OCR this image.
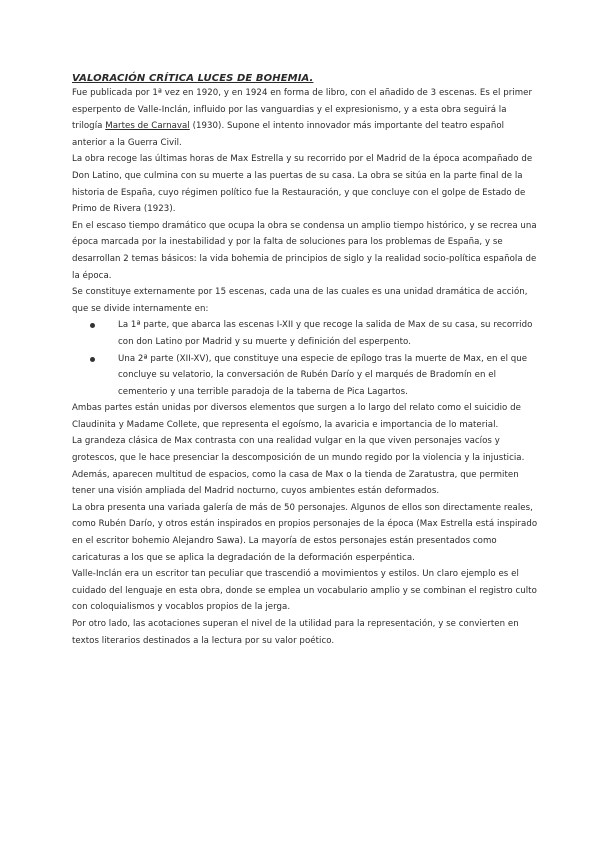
VALORACIÓN CRÍTICA LUCES DE BOHEMIA.

Fue publicada por 1ª vez en 1920, y en 1924 en forma de libro, con el añadido de 3 escenas. Es el primer esperpento de Valle-Inclán, influido por las vanguardias y el expresionismo, y a esta obra seguirá la trilogía Martes de Carnaval (1930). Supone el intento innovador más importante del teatro español anterior a la Guerra Civil.

La obra recoge las últimas horas de Max Estrella y su recorrido por el Madrid de la época acompañado de Don Latino, que culmina con su muerte a las puertas de su casa. La obra se sitúa en la parte final de la historia de España, cuyo régimen político fue la Restauración, y que concluye con el golpe de Estado de Primo de Rivera (1923).

En el escaso tiempo dramático que ocupa la obra se condensa un amplio tiempo histórico, y se recrea una época marcada por la inestabilidad y por la falta de soluciones para los problemas de España, y se desarrollan 2 temas básicos: la vida bohemia de principios de siglo y la realidad socio-política española de la época.

Se constituye externamente por 15 escenas, cada una de las cuales es una unidad dramática de acción, que se divide internamente en:

La 1ª parte, que abarca las escenas I-XII y que recoge la salida de Max de su casa, su recorrido con don Latino por Madrid y su muerte y definición del esperpento.
Una 2ª parte (XII-XV), que constituye una especie de epílogo tras la muerte de Max, en el que concluye su velatorio, la conversación de Rubén Darío y el marqués de Bradomín en el cementerio y una terrible paradoja de la taberna de Pica Lagartos.

Ambas partes están unidas por diversos elementos que surgen a lo largo del relato como el suicidio de Claudinita y Madame Collete, que representa el egoísmo, la avaricia e importancia de lo material.

La grandeza clásica de Max contrasta con una realidad vulgar en la que viven personajes vacíos y grotescos, que le hace presenciar la descomposición de un mundo regido por la violencia y la injusticia.

Además, aparecen multitud de espacios, como la casa de Max o la tienda de Zaratustra, que permiten tener una visión ampliada del Madrid nocturno, cuyos ambientes están deformados.

La obra presenta una variada galería de más de 50 personajes. Algunos de ellos son directamente reales, como Rubén Darío, y otros están inspirados en propios personajes de la época (Max Estrella está inspirado en el escritor bohemio Alejandro Sawa). La mayoría de estos personajes están presentados como caricaturas a los que se aplica la degradación de la deformación esperpéntica.

Valle-Inclán era un escritor tan peculiar que trascendió a movimientos y estilos. Un claro ejemplo es el cuidado del lenguaje en esta obra, donde se emplea un vocabulario amplio y se combinan el registro culto con coloquialismos y vocablos propios de la jerga.

Por otro lado, las acotaciones superan el nivel de la utilidad para la representación, y se convierten en textos literarios destinados a la lectura por su valor poético.
